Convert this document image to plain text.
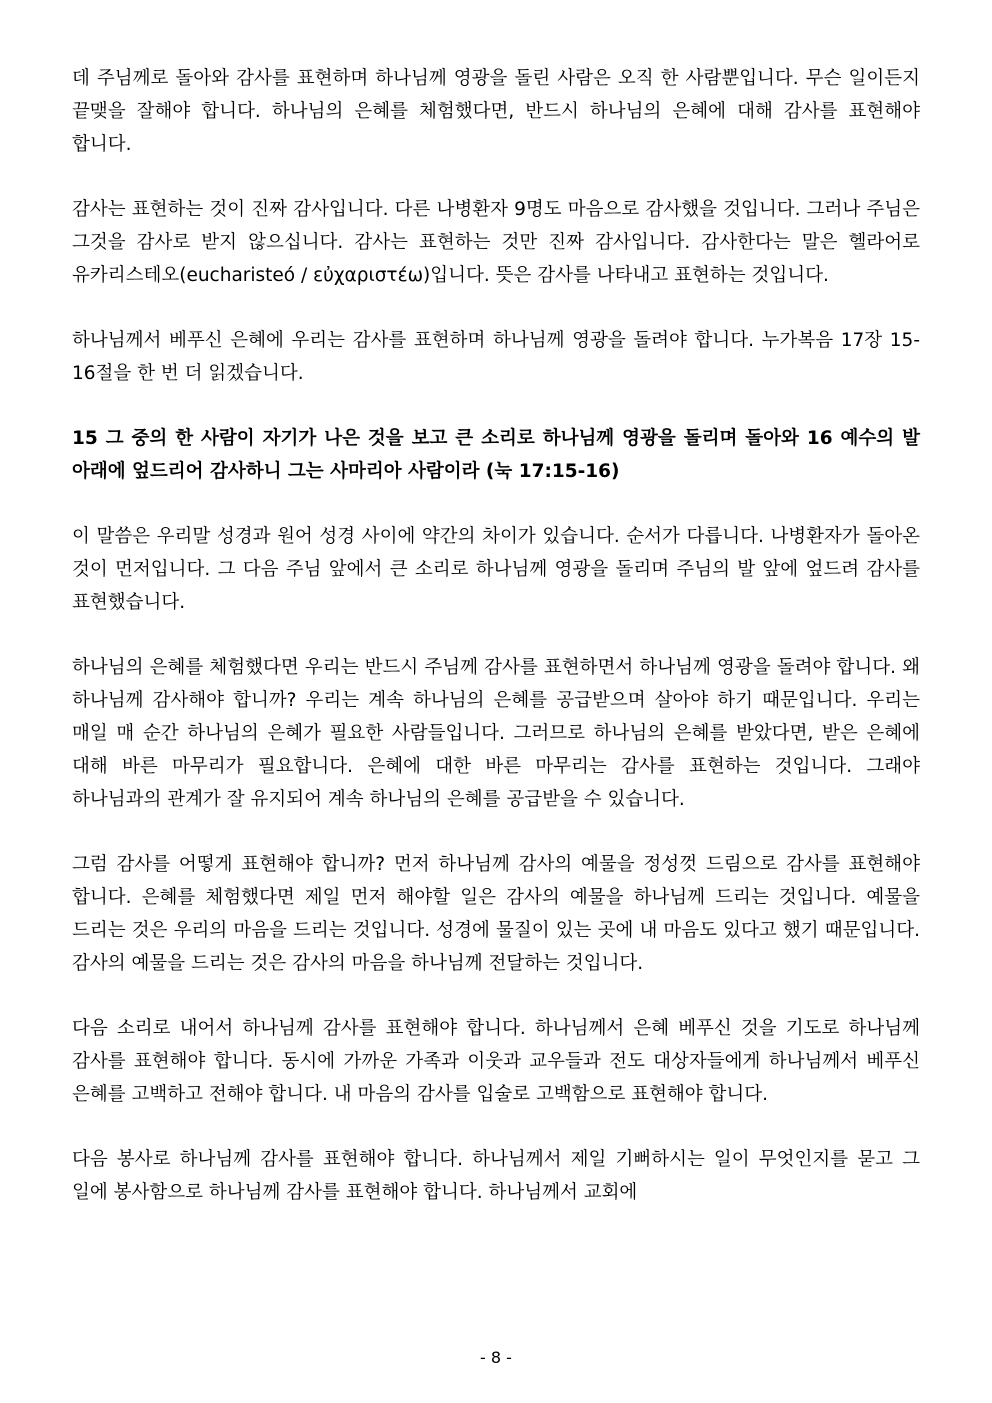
데 주님께로 돌아와 감사를 표현하며 하나님께 영광을 돌린 사람은 오직 한 사람뿐입니다. 무슨 일이든지 끝맺을 잘해야 합니다. 하나님의 은혜를 체험했다면, 반드시 하나님의 은혜에 대해 감사를 표현해야 합니다.

감사는 표현하는 것이 진짜 감사입니다. 다른 나병환자 9명도 마음으로 감사했을 것입니다. 그러나 주님은 그것을 감사로 받지 않으십니다. 감사는 표현하는 것만 진짜 감사입니다. 감사한다는 말은 헬라어로 유카리스테오(eucharisteó / εὐχαριστέω)입니다. 뜻은 감사를 나타내고 표현하는 것입니다.

하나님께서 베푸신 은혜에 우리는 감사를 표현하며 하나님께 영광을 돌려야 합니다. 누가복음 17장 15-16절을 한 번 더 읽겠습니다.

15 그 중의 한 사람이 자기가 나은 것을 보고 큰 소리로 하나님께 영광을 돌리며 돌아와 16 예수의 발 아래에 엎드리어 감사하니 그는 사마리아 사람이라 (눅 17:15-16)

이 말씀은 우리말 성경과 원어 성경 사이에 약간의 차이가 있습니다. 순서가 다릅니다. 나병환자가 돌아온 것이 먼저입니다. 그 다음 주님 앞에서 큰 소리로 하나님께 영광을 돌리며 주님의 발 앞에 엎드려 감사를 표현했습니다.

하나님의 은혜를 체험했다면 우리는 반드시 주님께 감사를 표현하면서 하나님께 영광을 돌려야 합니다. 왜 하나님께 감사해야 합니까? 우리는 계속 하나님의 은혜를 공급받으며 살아야 하기 때문입니다. 우리는 매일 매 순간 하나님의 은혜가 필요한 사람들입니다. 그러므로 하나님의 은혜를 받았다면, 받은 은혜에 대해 바른 마무리가 필요합니다. 은혜에 대한 바른 마무리는 감사를 표현하는 것입니다. 그래야 하나님과의 관계가 잘 유지되어 계속 하나님의 은혜를 공급받을 수 있습니다.

그럼 감사를 어떻게 표현해야 합니까? 먼저 하나님께 감사의 예물을 정성껏 드림으로 감사를 표현해야 합니다. 은혜를 체험했다면 제일 먼저 해야할 일은 감사의 예물을 하나님께 드리는 것입니다. 예물을 드리는 것은 우리의 마음을 드리는 것입니다. 성경에 물질이 있는 곳에 내 마음도 있다고 했기 때문입니다. 감사의 예물을 드리는 것은 감사의 마음을 하나님께 전달하는 것입니다.

다음 소리로 내어서 하나님께 감사를 표현해야 합니다. 하나님께서 은혜 베푸신 것을 기도로 하나님께 감사를 표현해야 합니다. 동시에 가까운 가족과 이웃과 교우들과 전도 대상자들에게 하나님께서 베푸신 은혜를 고백하고 전해야 합니다. 내 마음의 감사를 입술로 고백함으로 표현해야 합니다.

다음 봉사로 하나님께 감사를 표현해야 합니다. 하나님께서 제일 기뻐하시는 일이 무엇인지를 묻고 그 일에 봉사함으로 하나님께 감사를 표현해야 합니다. 하나님께서 교회에

- 8 -
